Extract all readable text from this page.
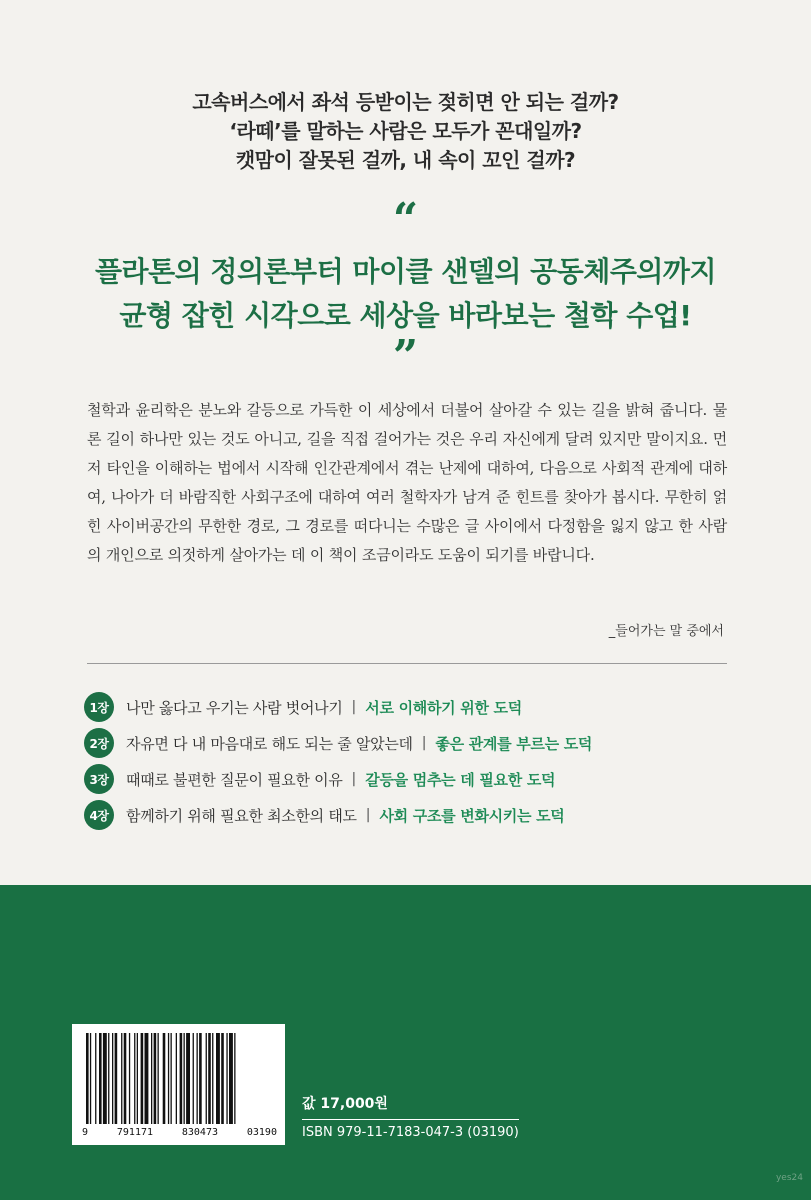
고속버스에서 좌석 등받이는 젖히면 안 되는 걸까?
‘라떼’를 말하는 사람은 모두가 꼰대일까?
캣맘이 잘못된 걸까, 내 속이 꼬인 걸까?
“
플라톤의 정의론부터 마이클 샌델의 공동체주의까지
균형 잡힌 시각으로 세상을 바라보는 철학 수업!
”
철학과 윤리학은 분노와 갈등으로 가득한 이 세상에서 더불어 살아갈 수 있는 길을 밝혀 줍니다. 물론 길이 하나만 있는 것도 아니고, 길을 직접 걸어가는 것은 우리 자신에게 달려 있지만 말이지요. 먼저 타인을 이해하는 법에서 시작해 인간관계에서 겪는 난제에 대하여, 다음으로 사회적 관계에 대하여, 나아가 더 바람직한 사회구조에 대하여 여러 철학자가 남겨 준 힌트를 찾아가 봅시다. 무한히 얽힌 사이버공간의 무한한 경로, 그 경로를 떠다니는 수많은 글 사이에서 다정함을 잃지 않고 한 사람의 개인으로 의젓하게 살아가는 데 이 책이 조금이라도 도움이 되기를 바랍니다.
_들어가는 말 중에서
1장	나만 옳다고 우기는 사람 벗어나기 | 서로 이해하기 위한 도덕
2장	자유면 다 내 마음대로 해도 되는 줄 알았는데 | 좋은 관계를 부르는 도덕
3장	때때로 불편한 질문이 필요한 이유 | 갈등을 멈추는 데 필요한 도덕
4장	함께하기 위해 필요한 최소한의 태도 | 사회 구조를 변화시키는 도덕
9	791171	830473	03190
값 17,000원
ISBN 979-11-7183-047-3 (03190)
yes24
